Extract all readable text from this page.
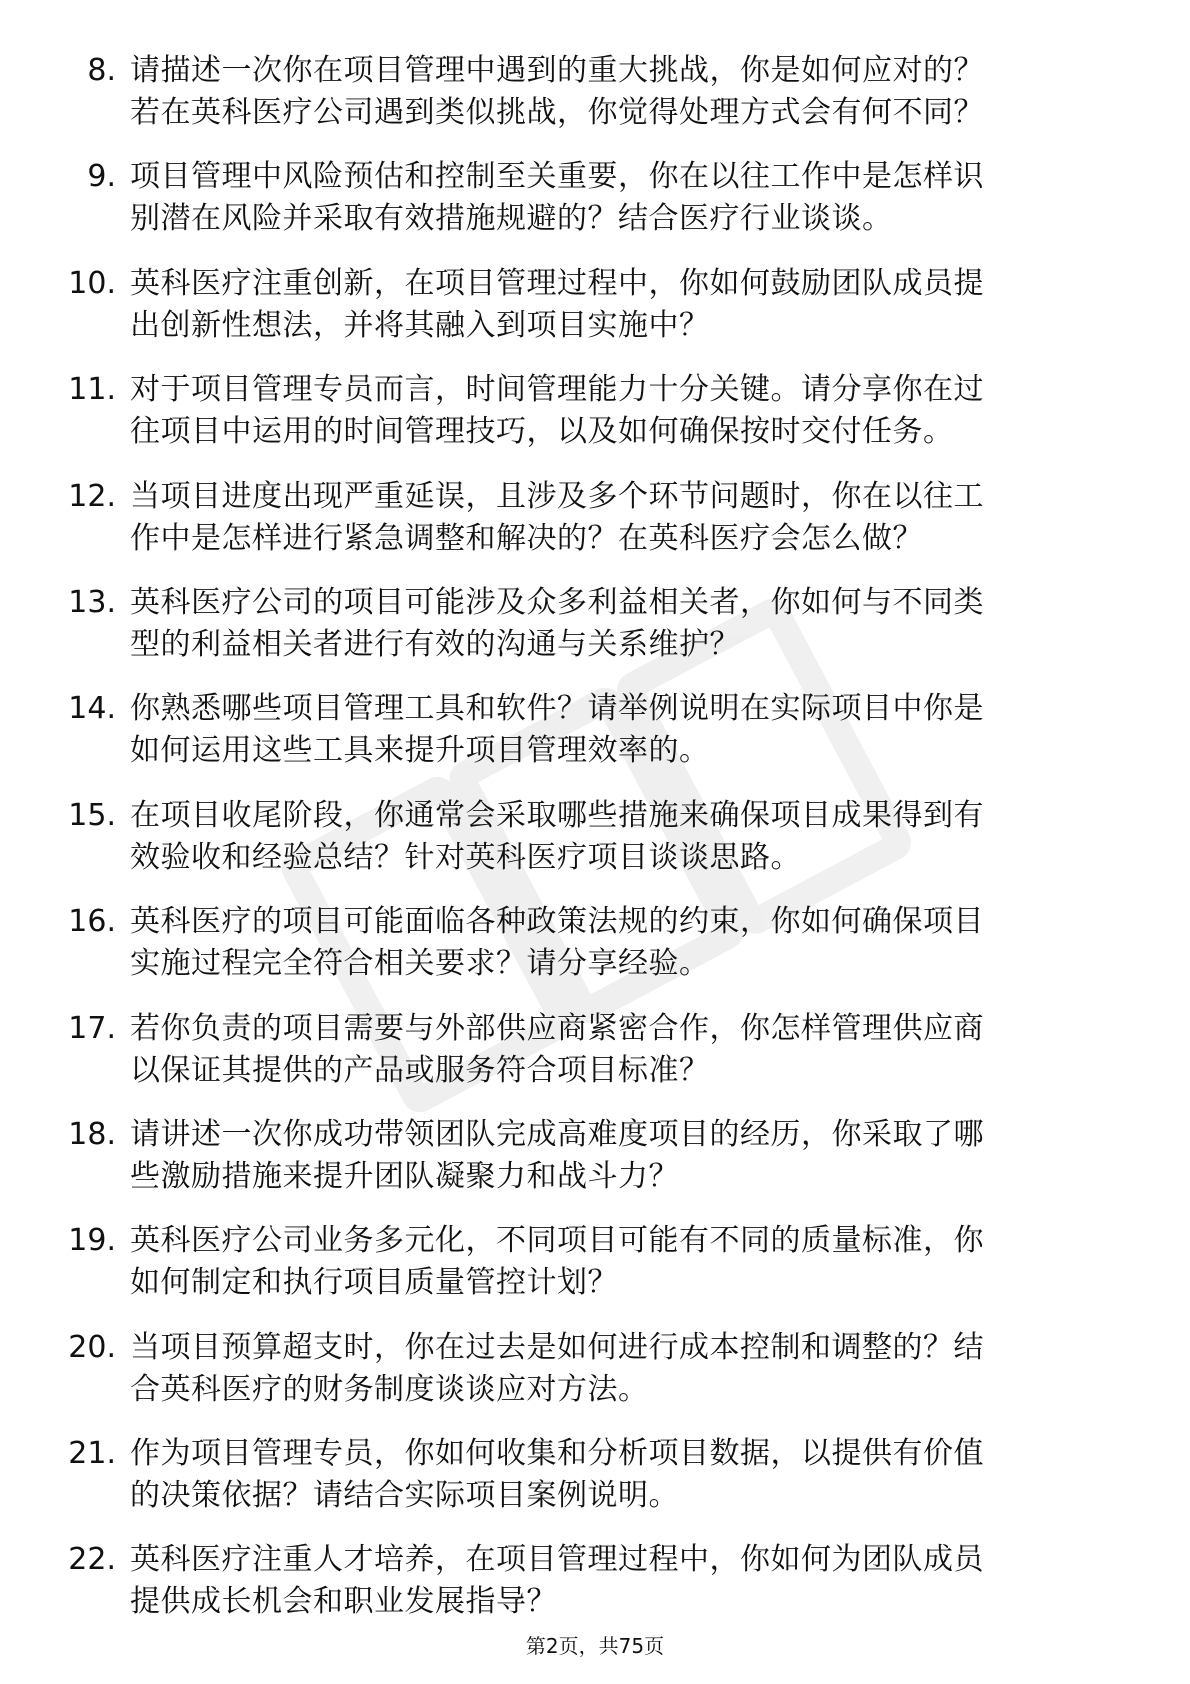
8. 请描述一次你在项目管理中遇到的重大挑战，你是如何应对的？
若在英科医疗公司遇到类似挑战，你觉得处理方式会有何不同？
9. 项目管理中风险预估和控制至关重要，你在以往工作中是怎样识
别潜在风险并采取有效措施规避的？结合医疗行业谈谈。
10. 英科医疗注重创新，在项目管理过程中，你如何鼓励团队成员提
出创新性想法，并将其融入到项目实施中？
11. 对于项目管理专员而言，时间管理能力十分关键。请分享你在过
往项目中运用的时间管理技巧，以及如何确保按时交付任务。
12. 当项目进度出现严重延误，且涉及多个环节问题时，你在以往工
作中是怎样进行紧急调整和解决的？在英科医疗会怎么做？
13. 英科医疗公司的项目可能涉及众多利益相关者，你如何与不同类
型的利益相关者进行有效的沟通与关系维护？
14. 你熟悉哪些项目管理工具和软件？请举例说明在实际项目中你是
如何运用这些工具来提升项目管理效率的。
15. 在项目收尾阶段，你通常会采取哪些措施来确保项目成果得到有
效验收和经验总结？针对英科医疗项目谈谈思路。
16. 英科医疗的项目可能面临各种政策法规的约束，你如何确保项目
实施过程完全符合相关要求？请分享经验。
17. 若你负责的项目需要与外部供应商紧密合作，你怎样管理供应商
以保证其提供的产品或服务符合项目标准？
18. 请讲述一次你成功带领团队完成高难度项目的经历，你采取了哪
些激励措施来提升团队凝聚力和战斗力？
19. 英科医疗公司业务多元化，不同项目可能有不同的质量标准，你
如何制定和执行项目质量管控计划？
20. 当项目预算超支时，你在过去是如何进行成本控制和调整的？结
合英科医疗的财务制度谈谈应对方法。
21. 作为项目管理专员，你如何收集和分析项目数据，以提供有价值
的决策依据？请结合实际项目案例说明。
22. 英科医疗注重人才培养，在项目管理过程中，你如何为团队成员
提供成长机会和职业发展指导？
第2页，共75页
